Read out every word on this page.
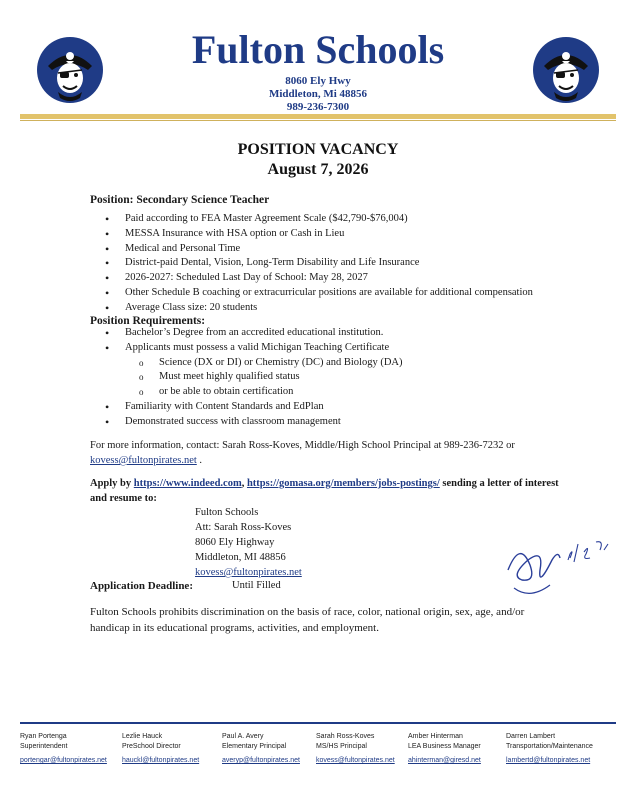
Fulton Schools
8060 Ely Hwy
Middleton, Mi 48856
989-236-7300
POSITION VACANCY
August 7, 2026
Position: Secondary Science Teacher
• Paid according to FEA Master Agreement Scale ($42,790-$76,004)
• MESSA Insurance with HSA option or Cash in Lieu
• Medical and Personal Time
• District-paid Dental, Vision, Long-Term Disability and Life Insurance
• 2026-2027: Scheduled Last Day of School: May 28, 2027
• Other Schedule B coaching or extracurricular positions are available for additional compensation
• Average Class size: 20 students
Position Requirements:
• Bachelor’s Degree from an accredited educational institution.
• Applicants must possess a valid Michigan Teaching Certificate
o Science (DX or DI) or Chemistry (DC) and Biology (DA)
o Must meet highly qualified status
o or be able to obtain certification
• Familiarity with Content Standards and EdPlan
• Demonstrated success with classroom management
For more information, contact: Sarah Ross-Koves, Middle/High School Principal at 989-236-7232 or
kovess@fultonpirates.net .
Apply by https://www.indeed.com, https://gomasa.org/members/jobs-postings/ sending a letter of interest and resume to:
Fulton Schools
Att: Sarah Ross-Koves
8060 Ely Highway
Middleton, MI 48856
kovess@fultonpirates.net
Application Deadline:	Until Filled
Fulton Schools prohibits discrimination on the basis of race, color, national origin, sex, age, and/or handicap in its educational programs, activities, and employment.
Ryan Portenga
Superintendent
portengar@fultonpirates.net
Lezlie Hauck
PreSchool Director
hauckl@fultonpirates.net
Paul A. Avery
Elementary Principal
averyp@fultonpirates.net
Sarah Ross-Koves
MS/HS Principal
kovess@fultonpirates.net
Amber Hinterman
LEA Business Manager
ahinterman@giresd.net
Darren Lambert
Transportation/Maintenance
lambertd@fultonpirates.net
